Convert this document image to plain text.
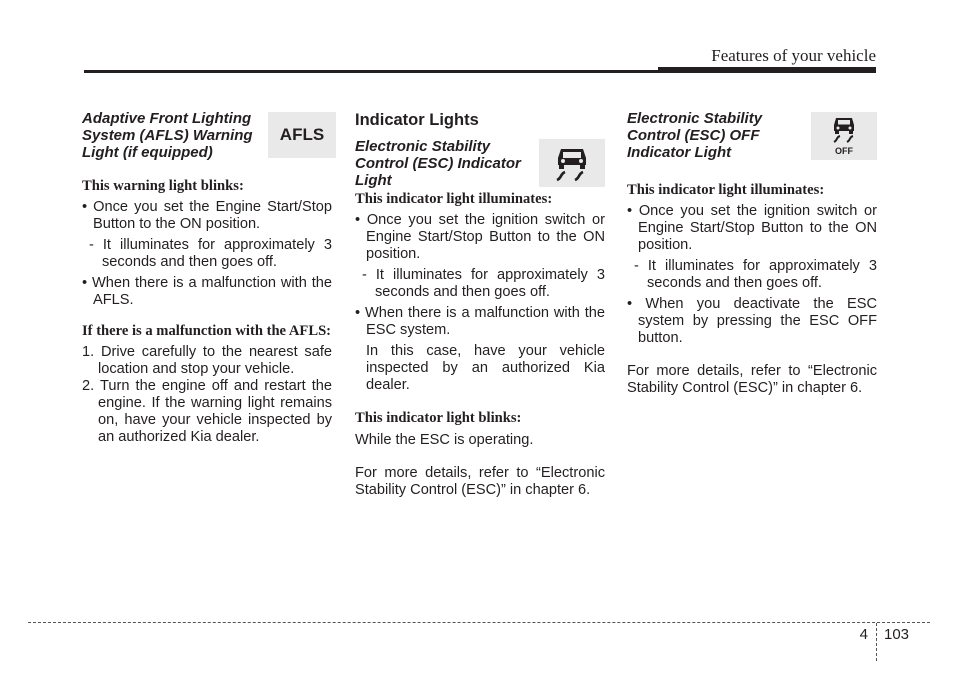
Features of your vehicle
Adaptive Front Lighting
System (AFLS) Warning
Light (if equipped)
This warning light blinks:
• Once you set the Engine Start/Stop Button to the ON position.
- It illuminates for approximately 3 seconds and then goes off.
• When there is a malfunction with the AFLS.
If there is a malfunction with the AFLS:
1. Drive carefully to the nearest safe location and stop your vehicle.
2. Turn the engine off and restart the engine. If the warning light remains on, have your vehicle inspected by an authorized Kia dealer.
AFLS
Indicator Lights
Electronic Stability
Control (ESC) Indicator
Light
This indicator light illuminates:
• Once you set the ignition switch or Engine Start/Stop Button to the ON position.
- It illuminates for approximately 3 seconds and then goes off.
• When there is a malfunction with the ESC system.
In this case, have your vehicle inspected by an authorized Kia dealer.
This indicator light blinks:
While the ESC is operating.
For more details, refer to “Electronic Stability Control (ESC)” in chapter 6.
Electronic Stability
Control (ESC) OFF
Indicator Light
This indicator light illuminates:
• Once you set the ignition switch or Engine Start/Stop Button to the ON position.
- It illuminates for approximately 3 seconds and then goes off.
• When you deactivate the ESC system by pressing the ESC OFF button.
For more details, refer to “Electronic Stability Control (ESC)” in chapter 6.
OFF
4 103
